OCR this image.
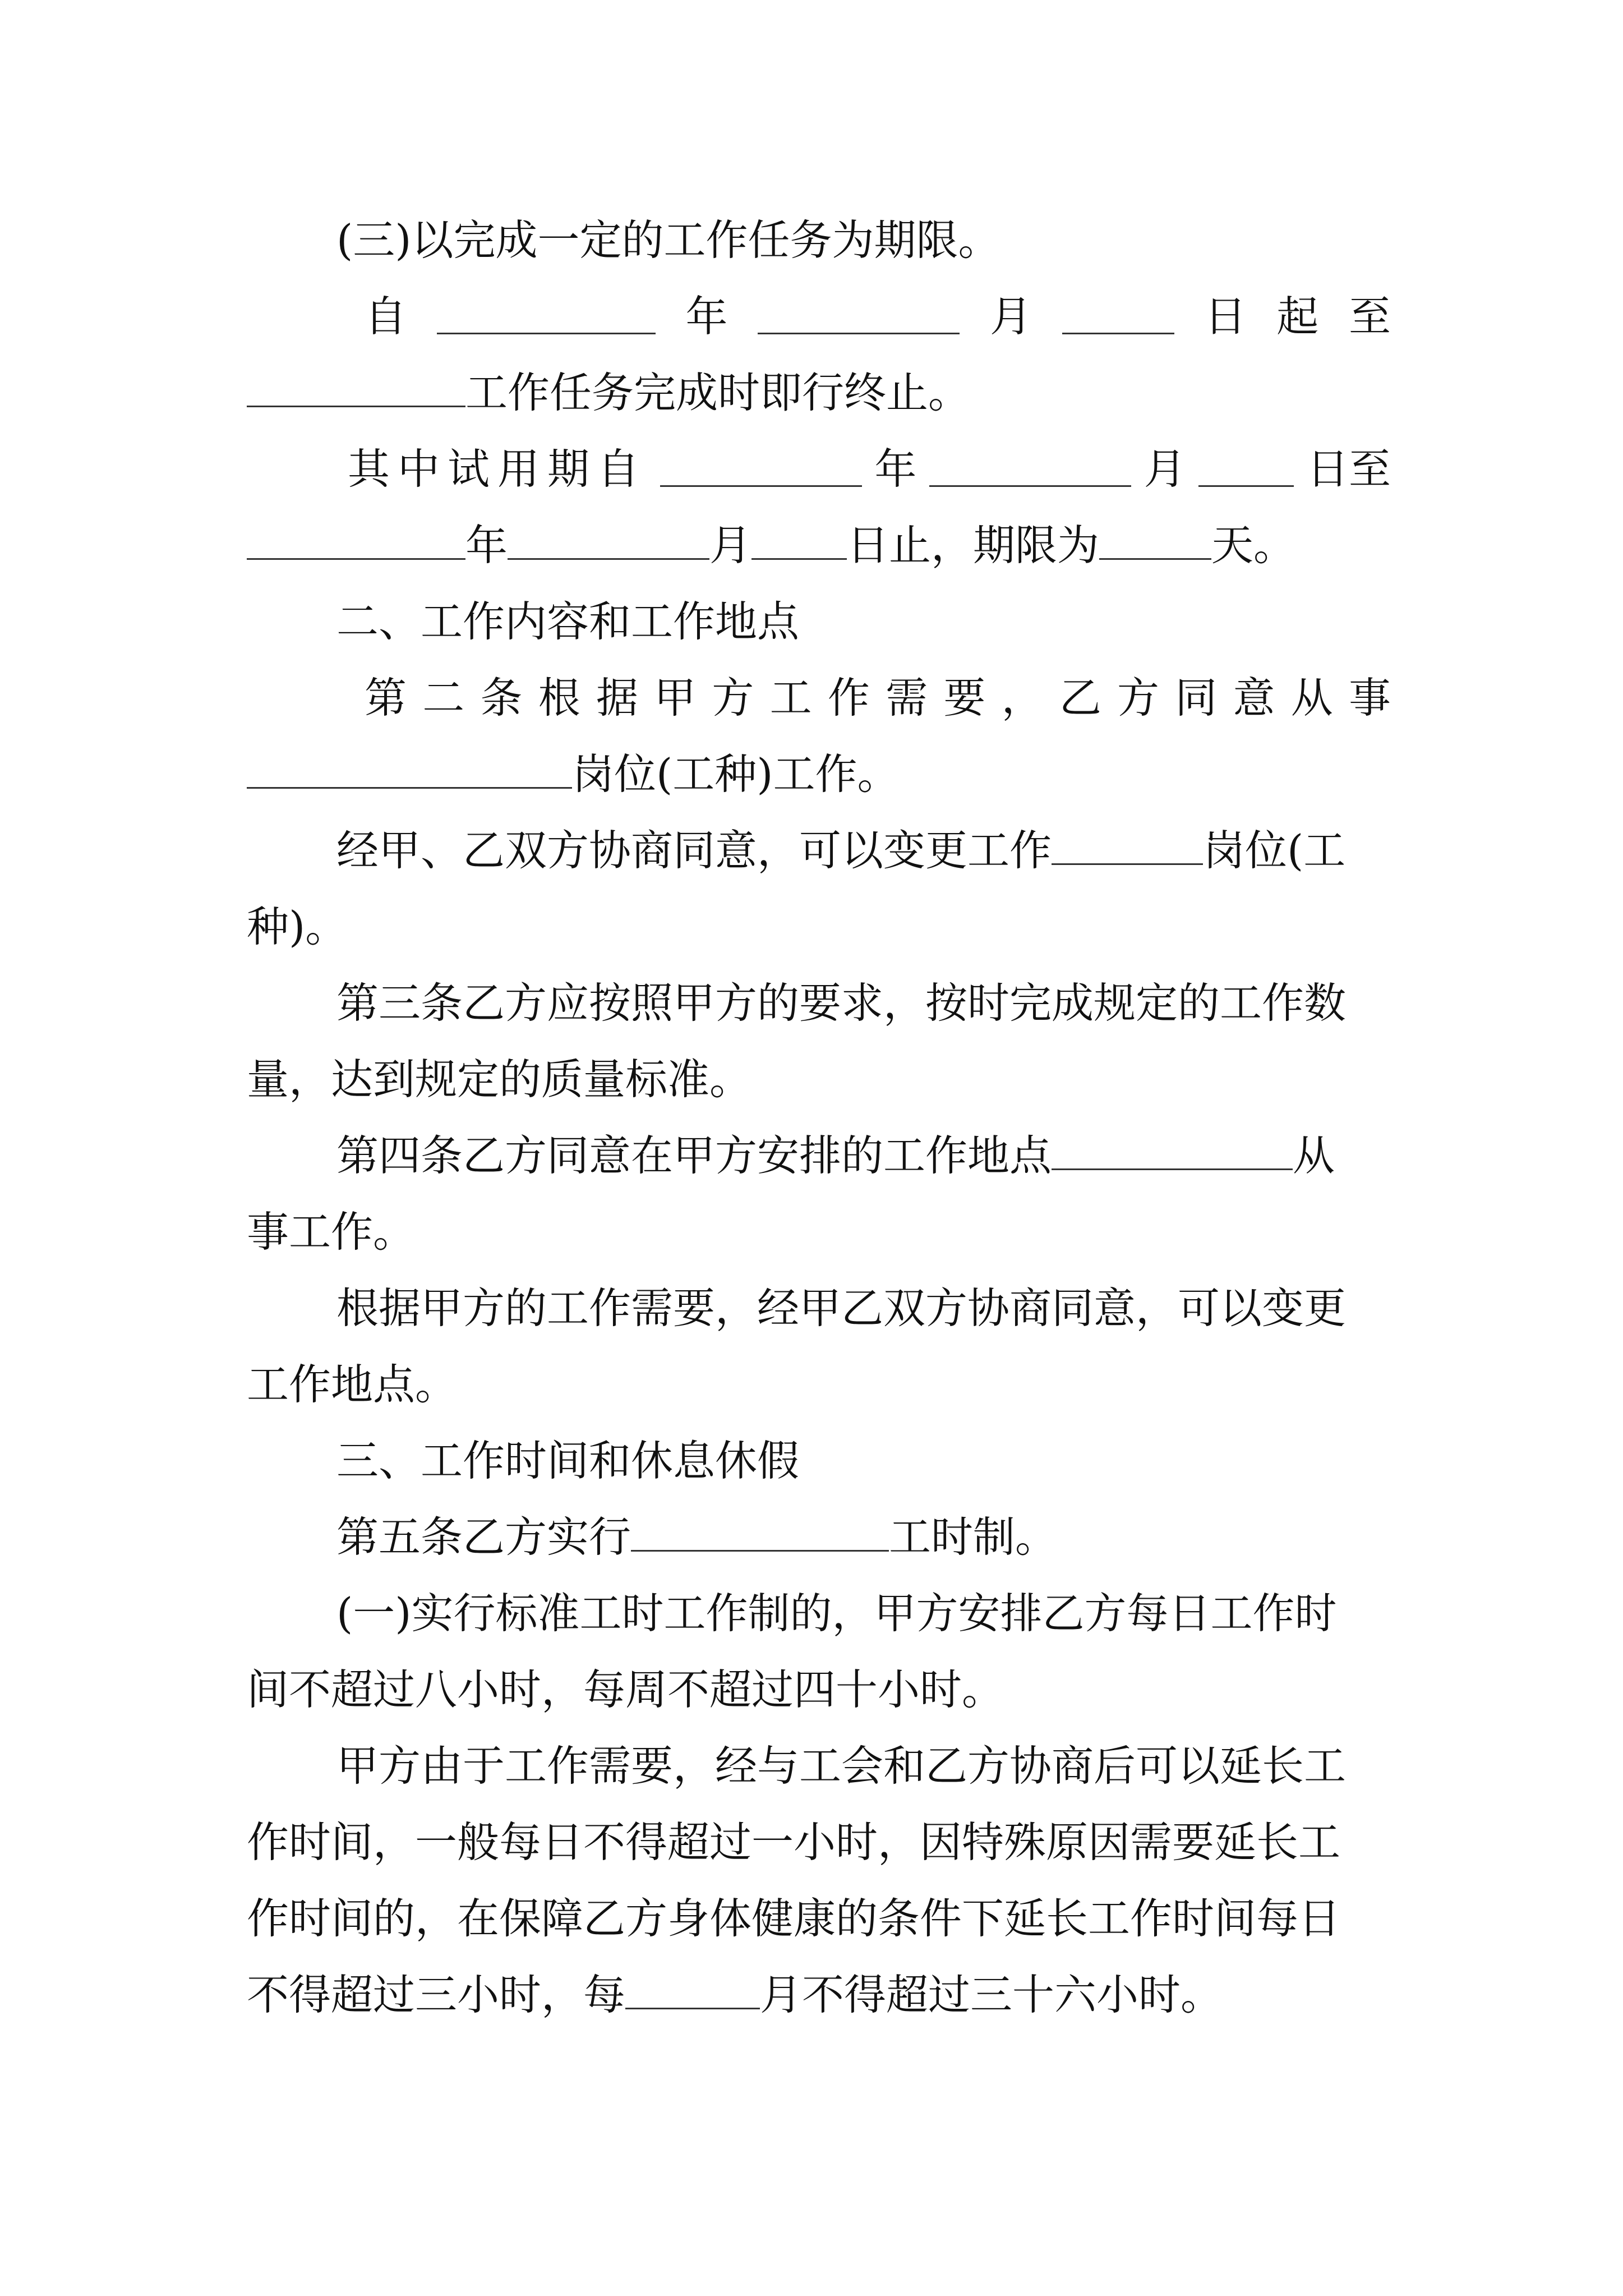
(三)以完成一定的工作任务为期限。
自	年	月	日 起 至
工作任务完成时即行终止。
其中试用期自	年	月	日至
年	月 日止，期限为	天。
二、工作内容和工作地点
第 二 条 根 据 甲 方 工 作 需 要 ， 乙 方 同 意 从 事
岗位(工种)工作。
经甲、乙双方协商同意，可以变更工作	岗位(工
种)。
第三条乙方应按照甲方的要求，按时完成规定的工作数
量，达到规定的质量标准。
第四条乙方同意在甲方安排的工作地点	从
事工作。
根据甲方的工作需要，经甲乙双方协商同意，可以变更
工作地点。
三、工作时间和休息休假
第五条乙方实行	工时制。
(一)实行标准工时工作制的，甲方安排乙方每日工作时
间不超过八小时，每周不超过四十小时。
甲方由于工作需要，经与工会和乙方协商后可以延长工
作时间，一般每日不得超过一小时，因特殊原因需要延长工
作时间的，在保障乙方身体健康的条件下延长工作时间每日
不得超过三小时，每	月不得超过三十六小时。
